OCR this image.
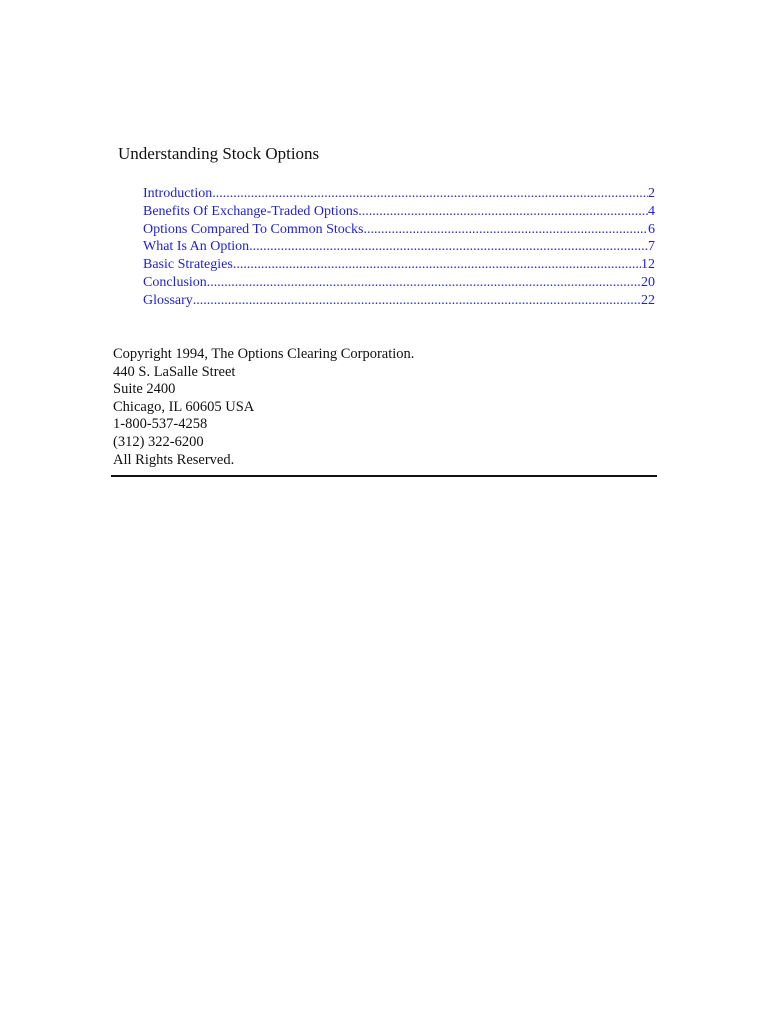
Understanding Stock Options
Introduction .....	2
Benefits Of Exchange-Traded Options .....	4
Options Compared To Common Stocks .....	6
What Is An Option .....	7
Basic Strategies .....	12
Conclusion .....	20
Glossary .....	22
Copyright 1994, The Options Clearing Corporation.
440 S. LaSalle Street
Suite 2400
Chicago, IL 60605 USA
1-800-537-4258
(312) 322-6200
All Rights Reserved.
